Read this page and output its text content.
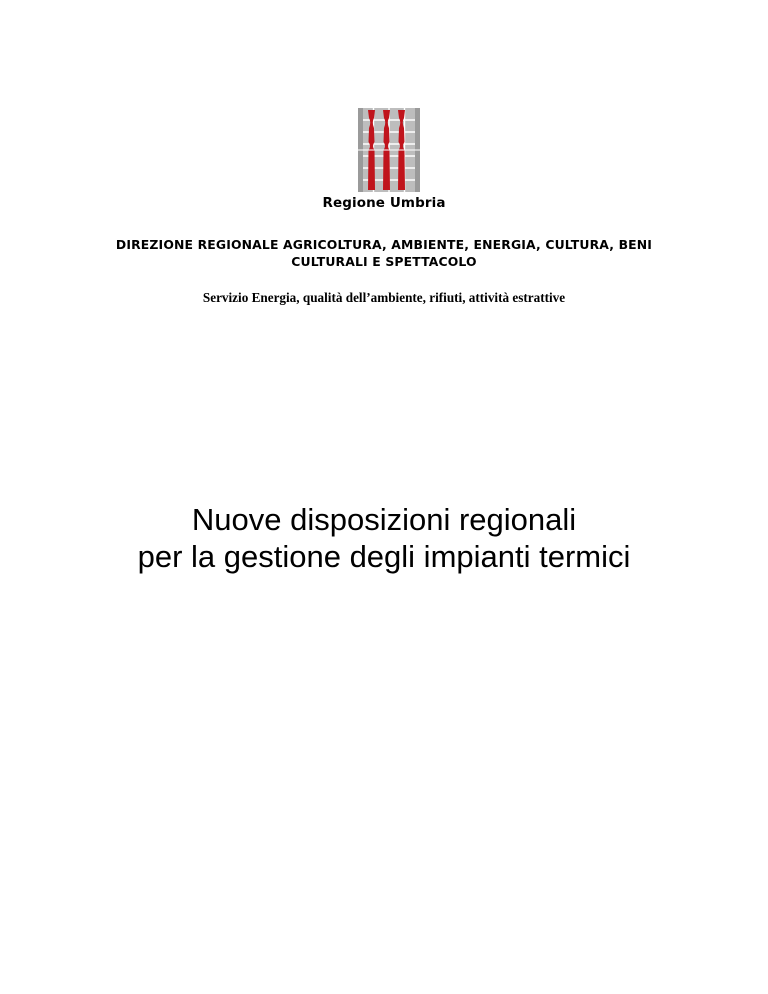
Regione Umbria
DIREZIONE REGIONALE AGRICOLTURA, AMBIENTE, ENERGIA, CULTURA, BENI
CULTURALI E SPETTACOLO
Servizio Energia, qualità dell’ambiente, rifiuti, attività estrattive
Nuove disposizioni regionali
per la gestione degli impianti termici
